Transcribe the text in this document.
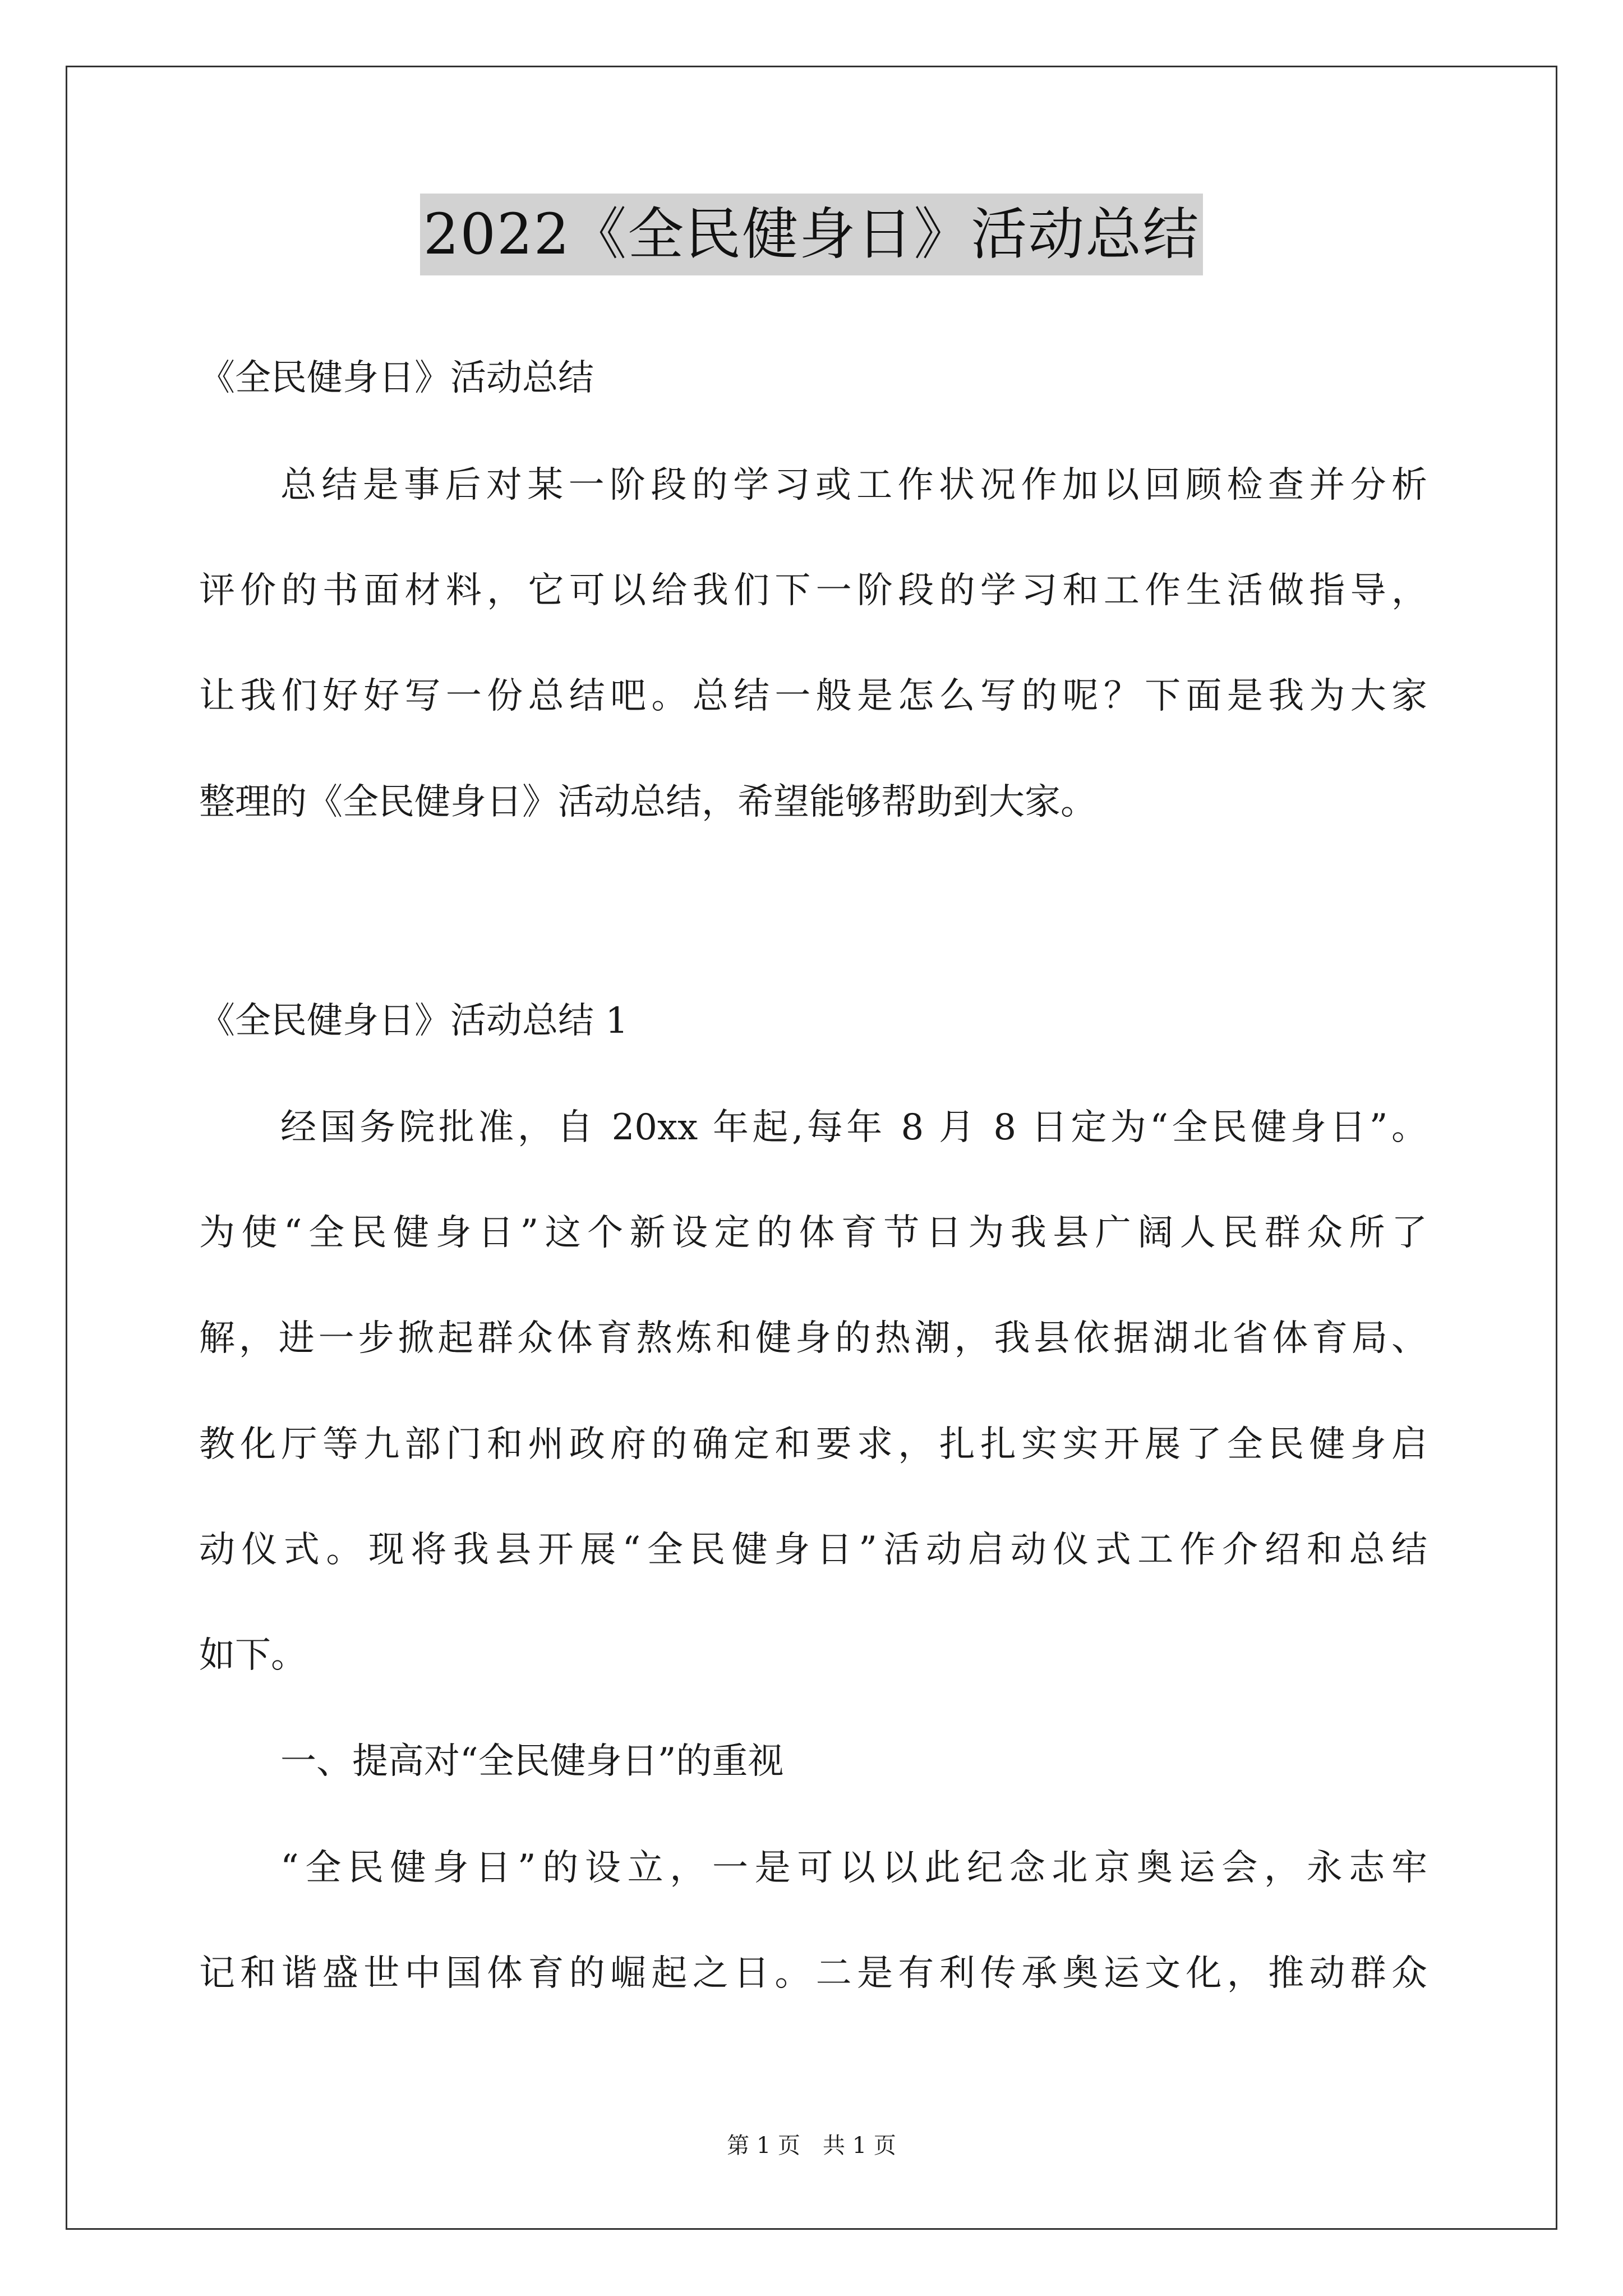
2022《全民健身日》活动总结
《全民健身日》活动总结
总结是事后对某一阶段的学习或工作状况作加以回顾检查并分析
评价的书面材料，它可以给我们下一阶段的学习和工作生活做指导，
让我们好好写一份总结吧。总结一般是怎么写的呢？下面是我为大家
整理的《全民健身日》活动总结，希望能够帮助到大家。
《全民健身日》活动总结 1
经国务院批准，自 20xx 年起,每年 8 月 8 日定为“全民健身日”。
为使“全民健身日”这个新设定的体育节日为我县广阔人民群众所了
解，进一步掀起群众体育熬炼和健身的热潮，我县依据湖北省体育局、
教化厅等九部门和州政府的确定和要求，扎扎实实开展了全民健身启
动仪式。现将我县开展“全民健身日”活动启动仪式工作介绍和总结
如下。
一、提高对“全民健身日”的重视
“全民健身日”的设立，一是可以以此纪念北京奥运会，永志牢
记和谐盛世中国体育的崛起之日。二是有利传承奥运文化，推动群众
第 1 页 共 1 页
